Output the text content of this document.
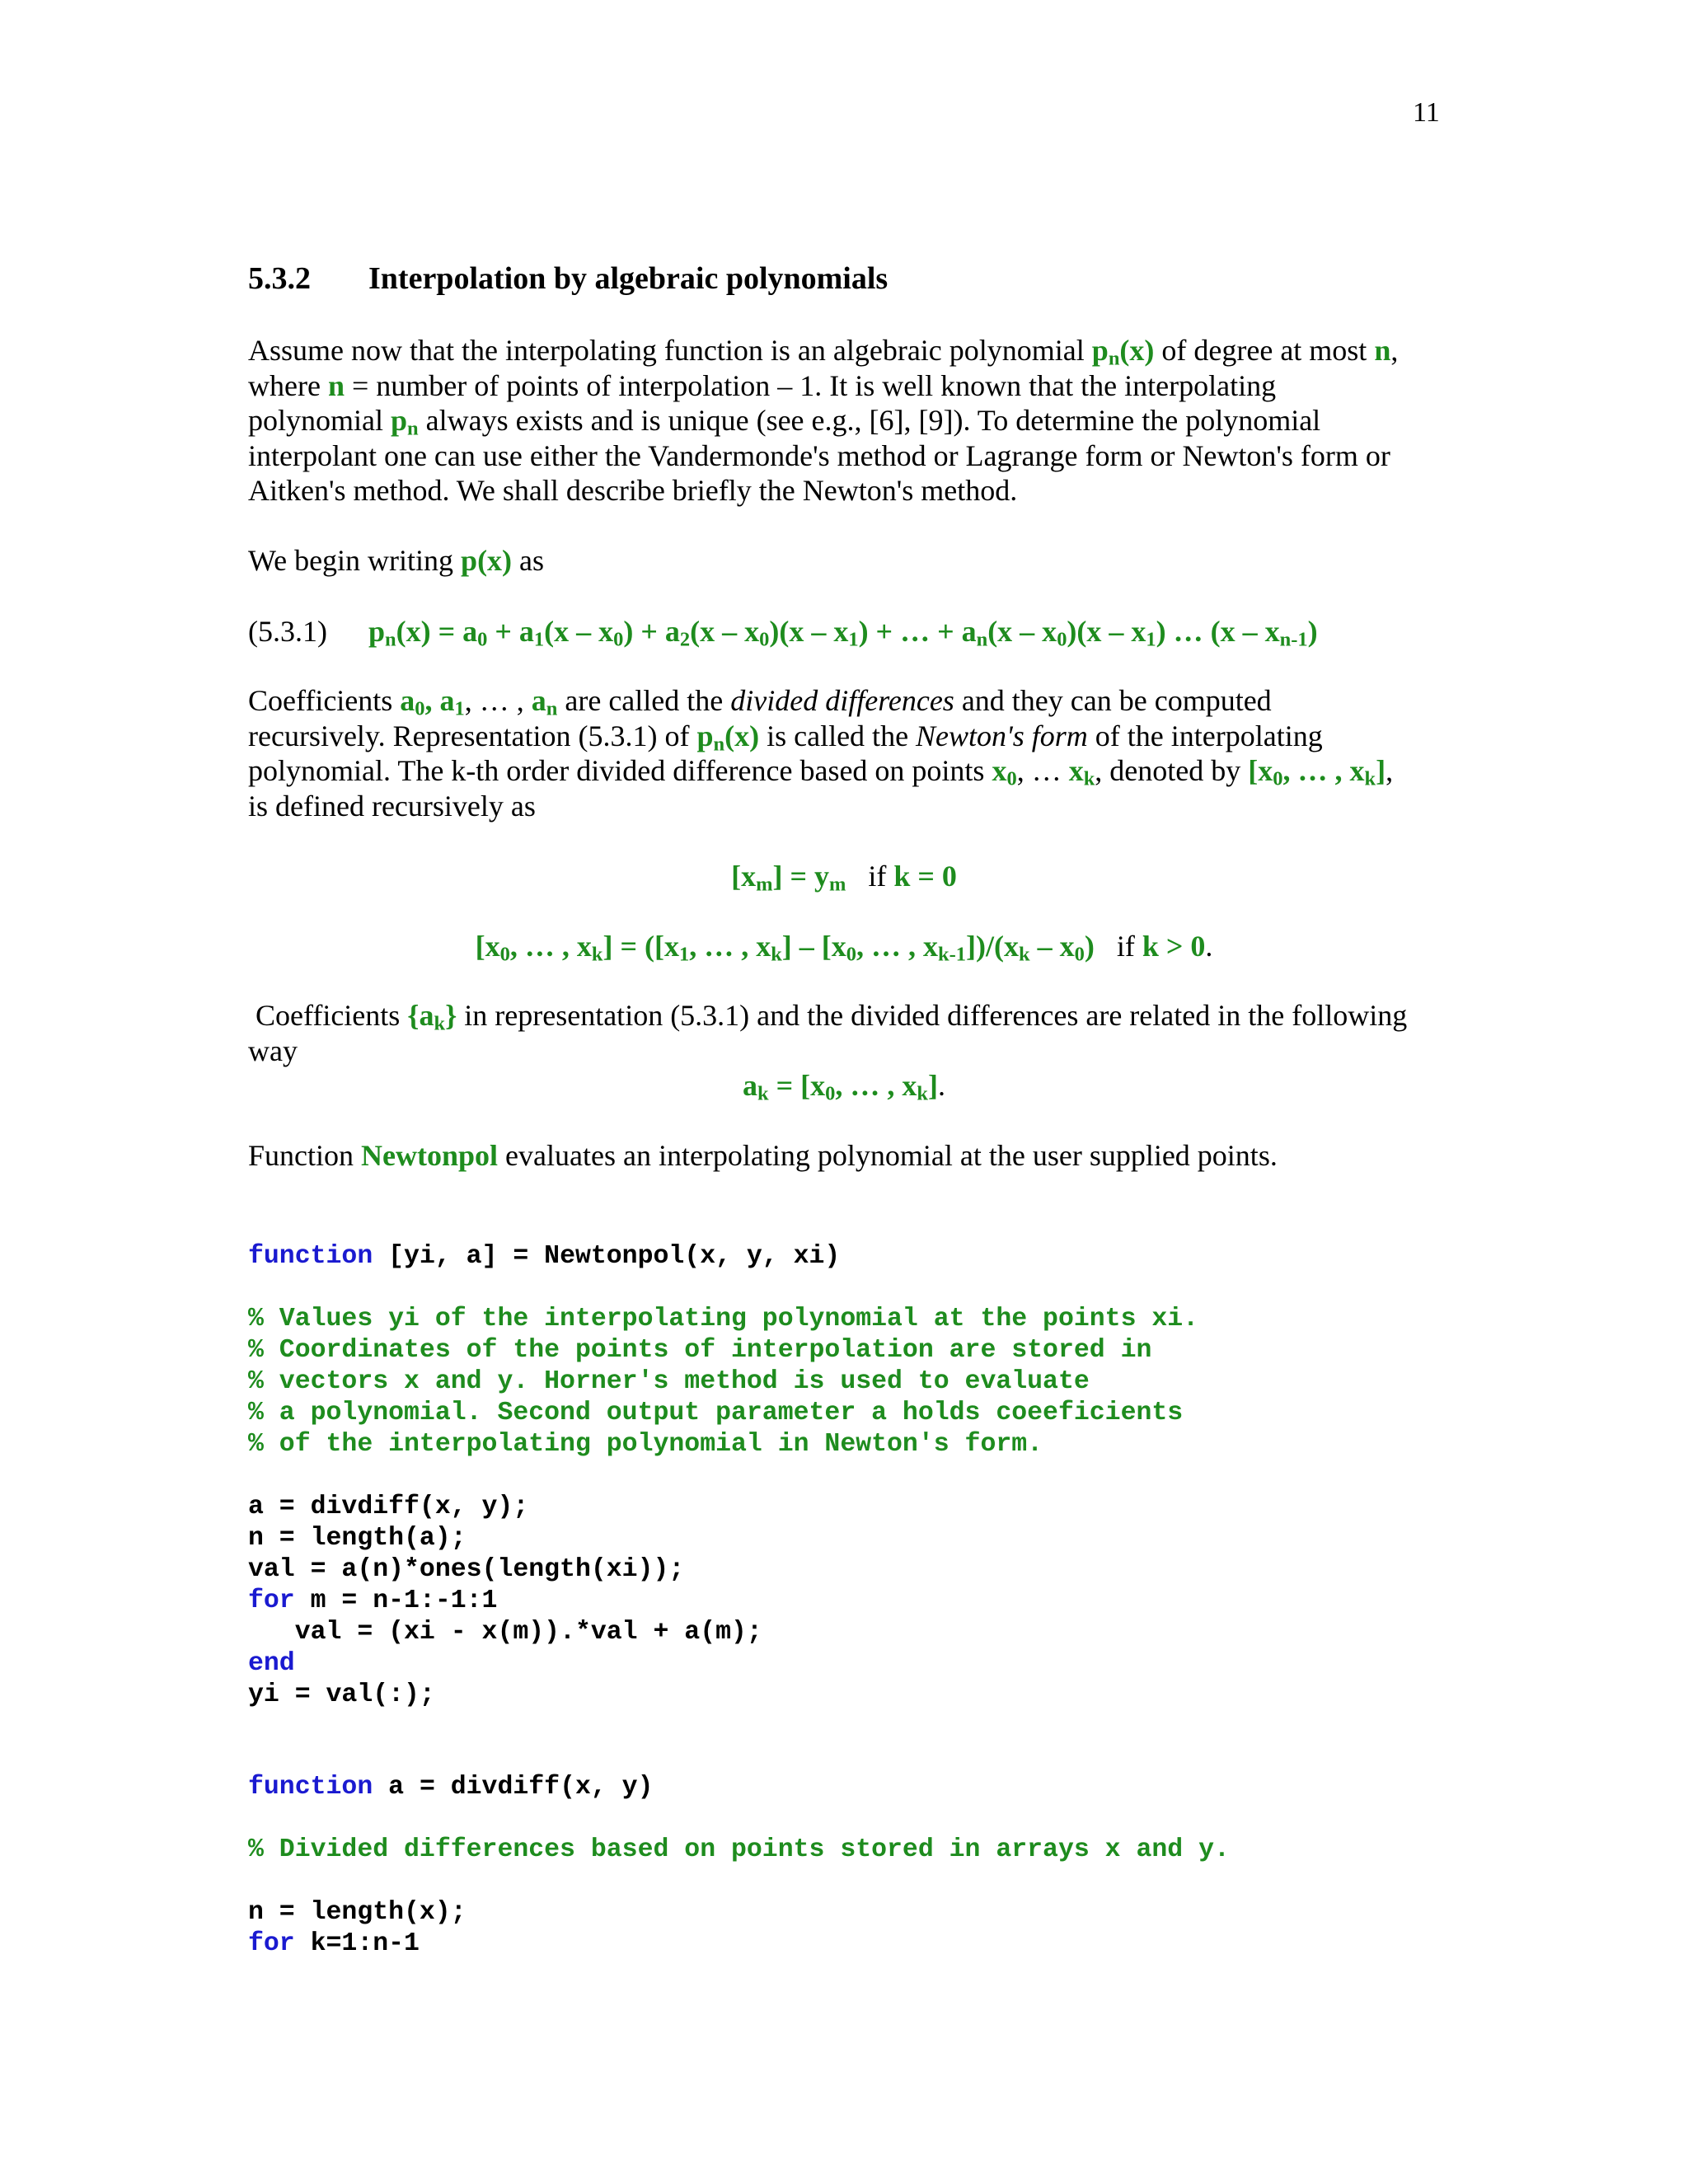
11
5.3.2 Interpolation by algebraic polynomials
Assume now that the interpolating function is an algebraic polynomial $p_n(x)$ of degree at most n,
where n = number of points of interpolation – 1. It is well known that the interpolating
polynomial $p_n$ always exists and is unique (see e.g., [6], [9]). To determine the polynomial
interpolant one can use either the Vandermonde's method or Lagrange form or Newton's form or
Aitken's method. We shall describe briefly the Newton's method.
We begin writing p(x) as
(5.3.1) $p_n(x) = a_0 + a_1(x - x_0) + a_2(x - x_0)(x - x_1)$ + … + $a_n(x - x_0)(x - x_1)$ … $(x - x_{n-1})$
Coefficients $a_0$, $a_1$, … , $a_n$ are called the divided differences and they can be computed
recursively. Representation (5.3.1) of $p_n(x)$ is called the Newton's form of the interpolating
polynomial. The k-th order divided difference based on points $x_0$, … $x_k$, denoted by [$x_0$, … , $x_k$],
is defined recursively as
$[x_m] = y_m$   if k = 0
[$x_0$, … , $x_k] = ([x_1$, … , $x_k] - [x_0$, … , $x_{k-1}])/(x_k - x_0)$   if k > 0.
Coefficients $\{a_k\}$ in representation (5.3.1) and the divided differences are related in the following
way
$a_k = [x_0$, … , $x_k$].
Function Newtonpol evaluates an interpolating polynomial at the user supplied points.
function [yi, a] = Newtonpol(x, y, xi)

% Values yi of the interpolating polynomial at the points xi.
% Coordinates of the points of interpolation are stored in
% vectors x and y. Horner's method is used to evaluate
% a polynomial. Second output parameter a holds coeeficients
% of the interpolating polynomial in Newton's form.

a = divdiff(x, y);
n = length(a);
val = a(n)*ones(length(xi));
for m = n-1:-1:1
val = (xi - x(m)).*val + a(m);
end
yi = val(:);
function a = divdiff(x, y)

% Divided differences based on points stored in arrays x and y.

n = length(x);
for k=1:n-1
